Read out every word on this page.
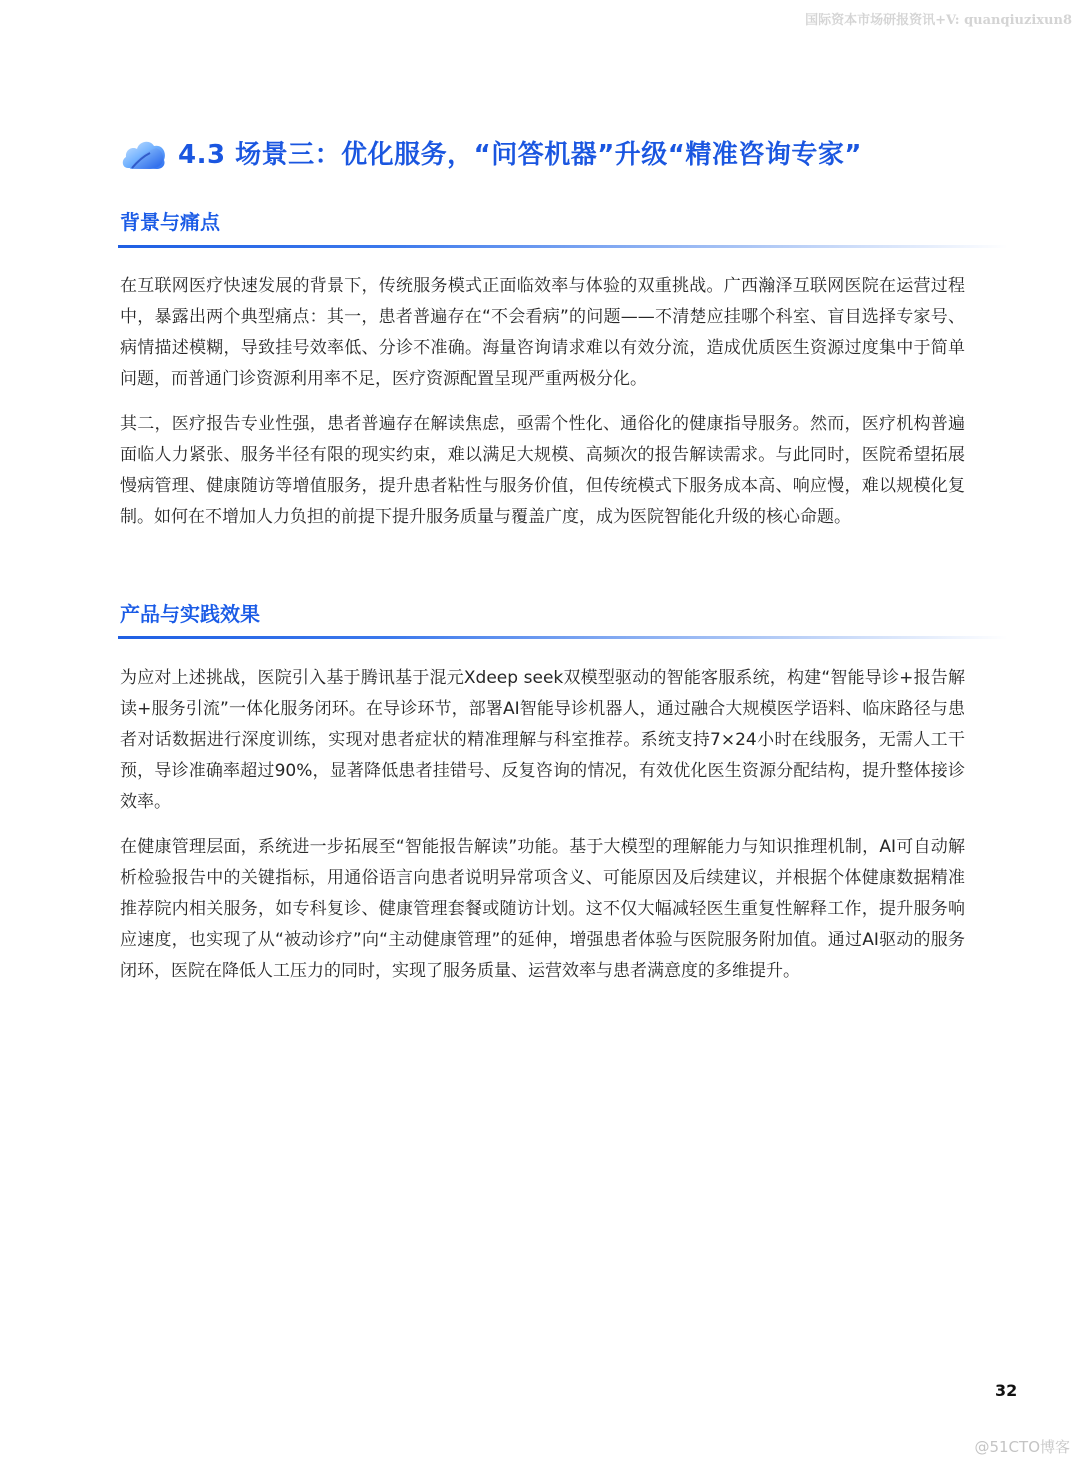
国际资本市场研报资讯+V: quanqiuzixun8
4.3 场景三：优化服务，“问答机器”升级“精准咨询专家”
背景与痛点

在互联网医疗快速发展的背景下，传统服务模式正面临效率与体验的双重挑战。广西瀚泽互联网医院在运营过程中，暴露出两个典型痛点：其一，患者普遍存在“不会看病”的问题——不清楚应挂哪个科室、盲目选择专家号、病情描述模糊，导致挂号效率低、分诊不准确。海量咨询请求难以有效分流，造成优质医生资源过度集中于简单问题，而普通门诊资源利用率不足，医疗资源配置呈现严重两极分化。

其二，医疗报告专业性强，患者普遍存在解读焦虑，亟需个性化、通俗化的健康指导服务。然而，医疗机构普遍面临人力紧张、服务半径有限的现实约束，难以满足大规模、高频次的报告解读需求。与此同时，医院希望拓展慢病管理、健康随访等增值服务，提升患者粘性与服务价值，但传统模式下服务成本高、响应慢，难以规模化复制。如何在不增加人力负担的前提下提升服务质量与覆盖广度，成为医院智能化升级的核心命题。

产品与实践效果

为应对上述挑战，医院引入基于腾讯基于混元Xdeep seek双模型驱动的智能客服系统，构建“智能导诊+报告解读+服务引流”一体化服务闭环。在导诊环节，部署AI智能导诊机器人，通过融合大规模医学语料、临床路径与患者对话数据进行深度训练，实现对患者症状的精准理解与科室推荐。系统支持7×24小时在线服务，无需人工干预，导诊准确率超过90%，显著降低患者挂错号、反复咨询的情况，有效优化医生资源分配结构，提升整体接诊效率。

在健康管理层面，系统进一步拓展至“智能报告解读”功能。基于大模型的理解能力与知识推理机制，AI可自动解析检验报告中的关键指标，用通俗语言向患者说明异常项含义、可能原因及后续建议，并根据个体健康数据精准推荐院内相关服务，如专科复诊、健康管理套餐或随访计划。这不仅大幅减轻医生重复性解释工作，提升服务响应速度，也实现了从“被动诊疗”向“主动健康管理”的延伸，增强患者体验与医院服务附加值。通过AI驱动的服务闭环，医院在降低人工压力的同时，实现了服务质量、运营效率与患者满意度的多维提升。

32
@51CTO博客
